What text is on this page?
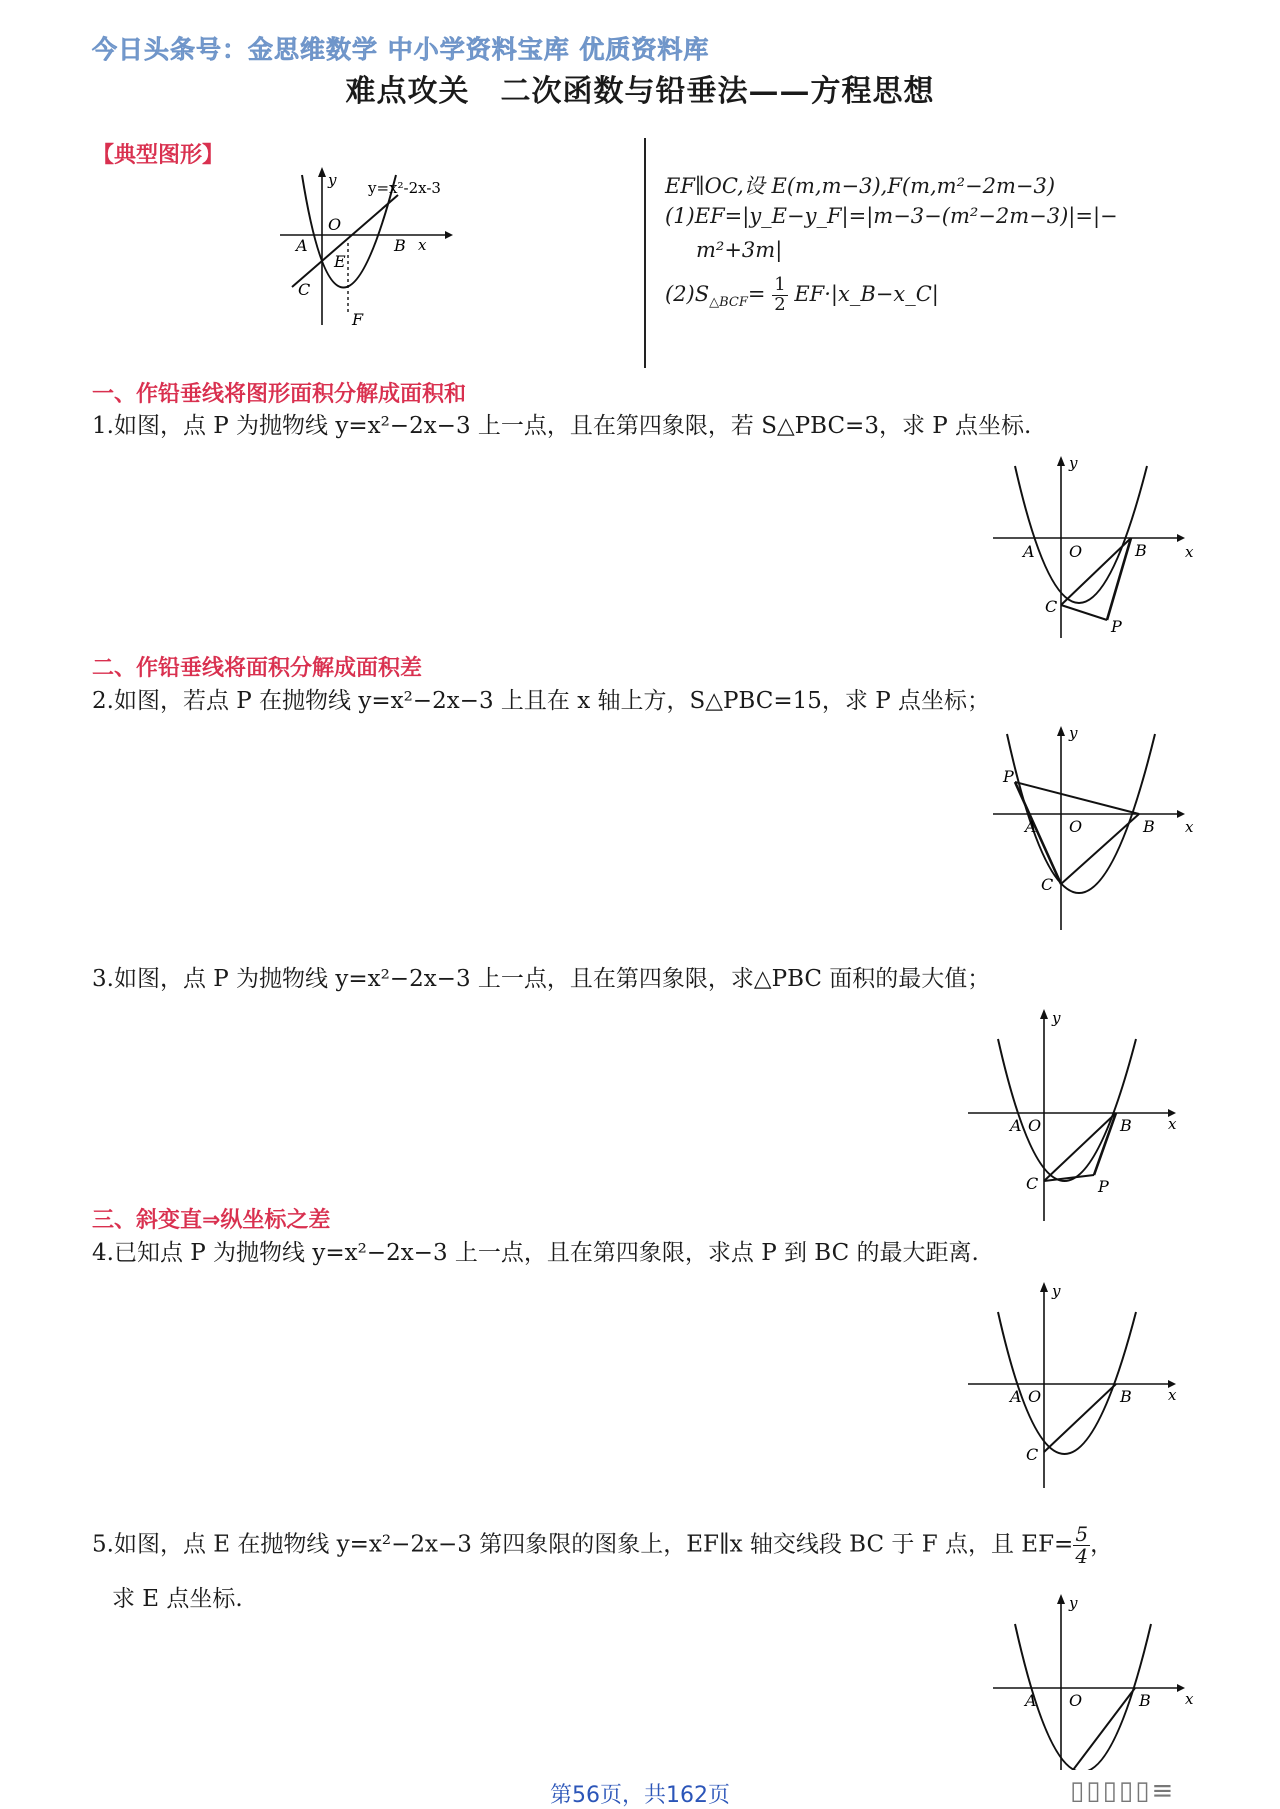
今日头条号：金思维数学 中小学资料宝库 优质资料库
难点攻关　二次函数与铅垂法——方程思想
【典型图形】
O
A	B x
y
C
E
F
y=x²-2x-3	EF∥OC,设 E(m,m−3),F(m,m²−2m−3)
(1)EF=|y_E−y_F|=|m−3−(m²−2m−3)|=|−
m²+3m|
$(2)S_{\triangle BCF}= \frac{1}{2}$ EF·|x_B−x_C|
一、作铅垂线将图形面积分解成面积和
1.如图，点 P 为抛物线 y=x²−2x−3 上一点，且在第四象限，若 S△PBC=3，求 P 点坐标.
y
x
A O	B
C
P
二、作铅垂线将面积分解成面积差
2.如图，若点 P 在抛物线 y=x²−2x−3 上且在 x 轴上方，S△PBC=15，求 P 点坐标；
y
x
P
A O	B
C
3.如图，点 P 为抛物线 y=x²−2x−3 上一点，且在第四象限，求△PBC 面积的最大值；
y
x
A O	B
C	P
三、斜变直⇒纵坐标之差
4.已知点 P 为抛物线 y=x²−2x−3 上一点，且在第四象限，求点 P 到 BC 的最大距离.
y
x
A O	B
C
5.如图，点 E 在抛物线 y=x²−2x−3 第四象限的图象上，EF∥x 轴交线段 BC 于 F 点，且 $EF= \frac{5}{4}$ ，
求 E 点坐标.	y
x
A O	B
第56页，共162页	▯▯▯▯▯≡
